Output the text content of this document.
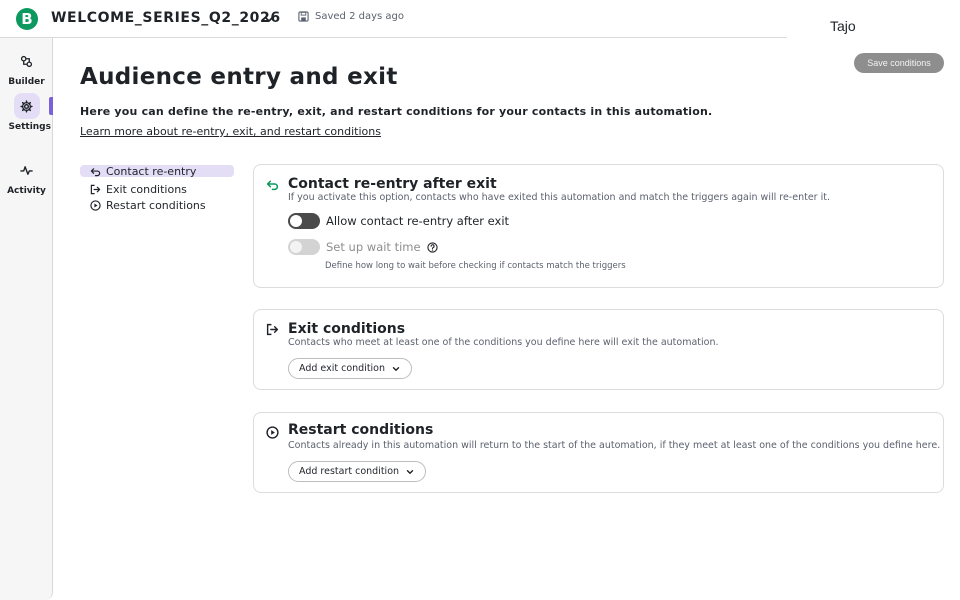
B	WELCOME_SERIES_Q2_2026	Saved 2 days ago
Tajo
Builder
Settings
Activity
Save conditions
Audience entry and exit
Here you can define the re-entry, exit, and restart conditions for your contacts in this automation.
Learn more about re-entry, exit, and restart conditions
Contact re-entry
Exit conditions
Restart conditions
Contact re-entry after exit
If you activate this option, contacts who have exited this automation and match the triggers again will re-enter it.
Allow contact re-entry after exit
Set up wait time
Define how long to wait before checking if contacts match the triggers
Exit conditions
Contacts who meet at least one of the conditions you define here will exit the automation.
Add exit condition
Restart conditions
Contacts already in this automation will return to the start of the automation, if they meet at least one of the conditions you define here.
Add restart condition
